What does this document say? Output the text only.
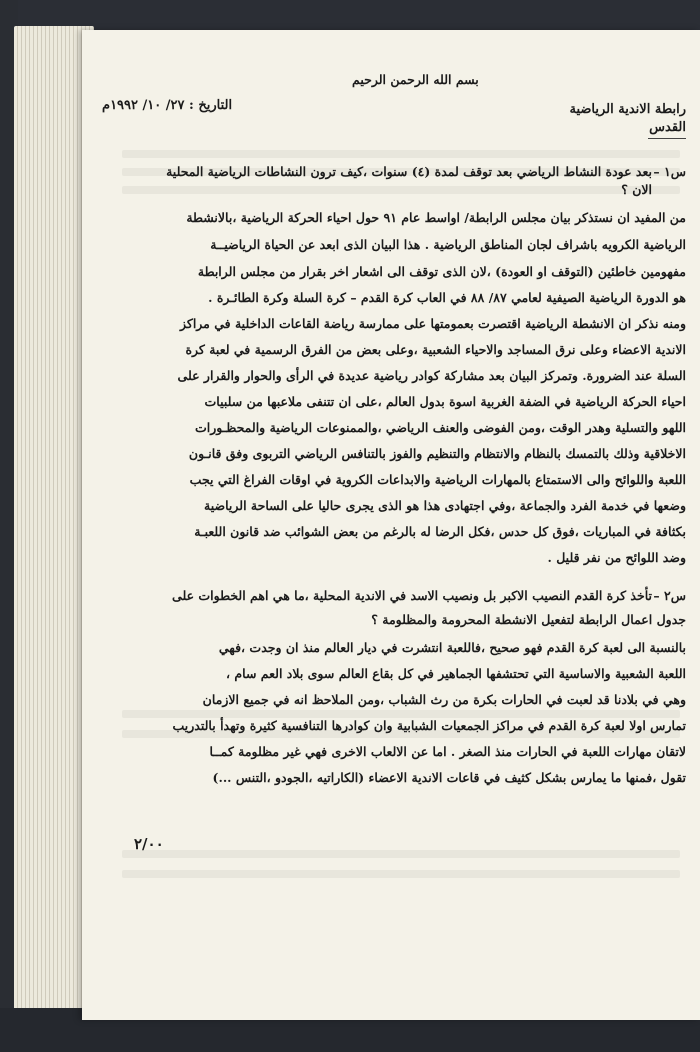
بسم الله الرحمن الرحيم
رابطة الاندية الرياضية
القدس
التاريخ : ٢٧/ ١٠/ ١٩٩٢م
س١ –
بعد عودة النشاط الرياضي بعد توقف لمدة (٤) سنوات ،كيف ترون النشاطات الرياضية المحلية
الان ؟
من المفيد ان نستذكر بيان مجلس الرابطة/ اواسط عام ٩١ حول احياء الحركة الرياضية ،بالانشطة
الرياضية الكرويه باشراف لجان المناطق الرياضية . هذا البيان الذى ابعد عن الحياة الرياضيــة
مفهومين خاطئين (التوقف او العودة) ،لان الذى توقف الى اشعار اخر بقرار من مجلس الرابطة
هو الدورة الرياضية الصيفية لعامي ٨٧/ ٨٨ في العاب كرة القدم – كرة السلة وكرة الطائـرة .
ومنه نذكر ان الانشطة الرياضية اقتصرت بعمومتها على ممارسة رياضة القاعات الداخلية في مراكز
الاندية الاعضاء وعلى نرق المساجد والاحياء الشعبية ،وعلى بعض من الفرق الرسمية في لعبة كرة
السلة عند الضرورة. وتمركز البيان بعد مشاركة كوادر رياضية عديدة في الرأى والحوار والقرار على
احياء الحركة الرياضية في الضفة الغربية اسوة بدول العالم ،على ان تتنفى ملاعبها من سلبيات
اللهو والتسلية وهدر الوقت ،ومن الفوضى والعنف الرياضي ،والممنوعات الرياضية والمحظـورات
الاخلاقية وذلك بالتمسك بالنظام والانتظام والتنظيم والفوز بالتنافس الرياضي التربوى وفق قانـون
اللعبة واللوائح والى الاستمتاع بالمهارات الرياضية والابداعات الكروية في اوقات الفراغ التي يجب
وضعها في خدمة الفرد والجماعة ،وفي اجتهادى هذا هو الذى يجرى حاليا على الساحة الرياضية
بكثافة في المباريات ،فوق كل حدس ،فكل الرضا له بالرغم من بعض الشوائب ضد قانون اللعبـة
وضد اللوائح من نفر قليل .
س٢ –
تأخذ كرة القدم النصيب الاكبر بل ونصيب الاسد في الاندية المحلية ،ما هي اهم الخطوات على
جدول اعمال الرابطة لتفعيل الانشطة المحرومة والمظلومة ؟
بالنسبة الى لعبة كرة القدم فهو صحيح ،فاللعبة انتشرت في ديار العالم منذ ان وجدت ،فهي
اللعبة الشعبية والاساسية التي تحتشفها الجماهير في كل بقاع العالم سوى بلاد العم سام ،
وهي في بلادنا قد لعبت في الحارات بكرة من رث الشباب ،ومن الملاحظ انه في جميع الازمان
تمارس اولا لعبة كرة القدم في مراكز الجمعيات الشبابية وان كوادرها التنافسية كثيرة وتهدأ بالتدريب
لاتقان مهارات اللعبة في الحارات منذ الصغر . اما عن الالعاب الاخرى فهي غير مظلومة كمــا
تقول ،فمنها ما يمارس بشكل كثيف في قاعات الاندية الاعضاء (الكاراتيه ،الجودو ،التنس ...)
٢/٠٠
